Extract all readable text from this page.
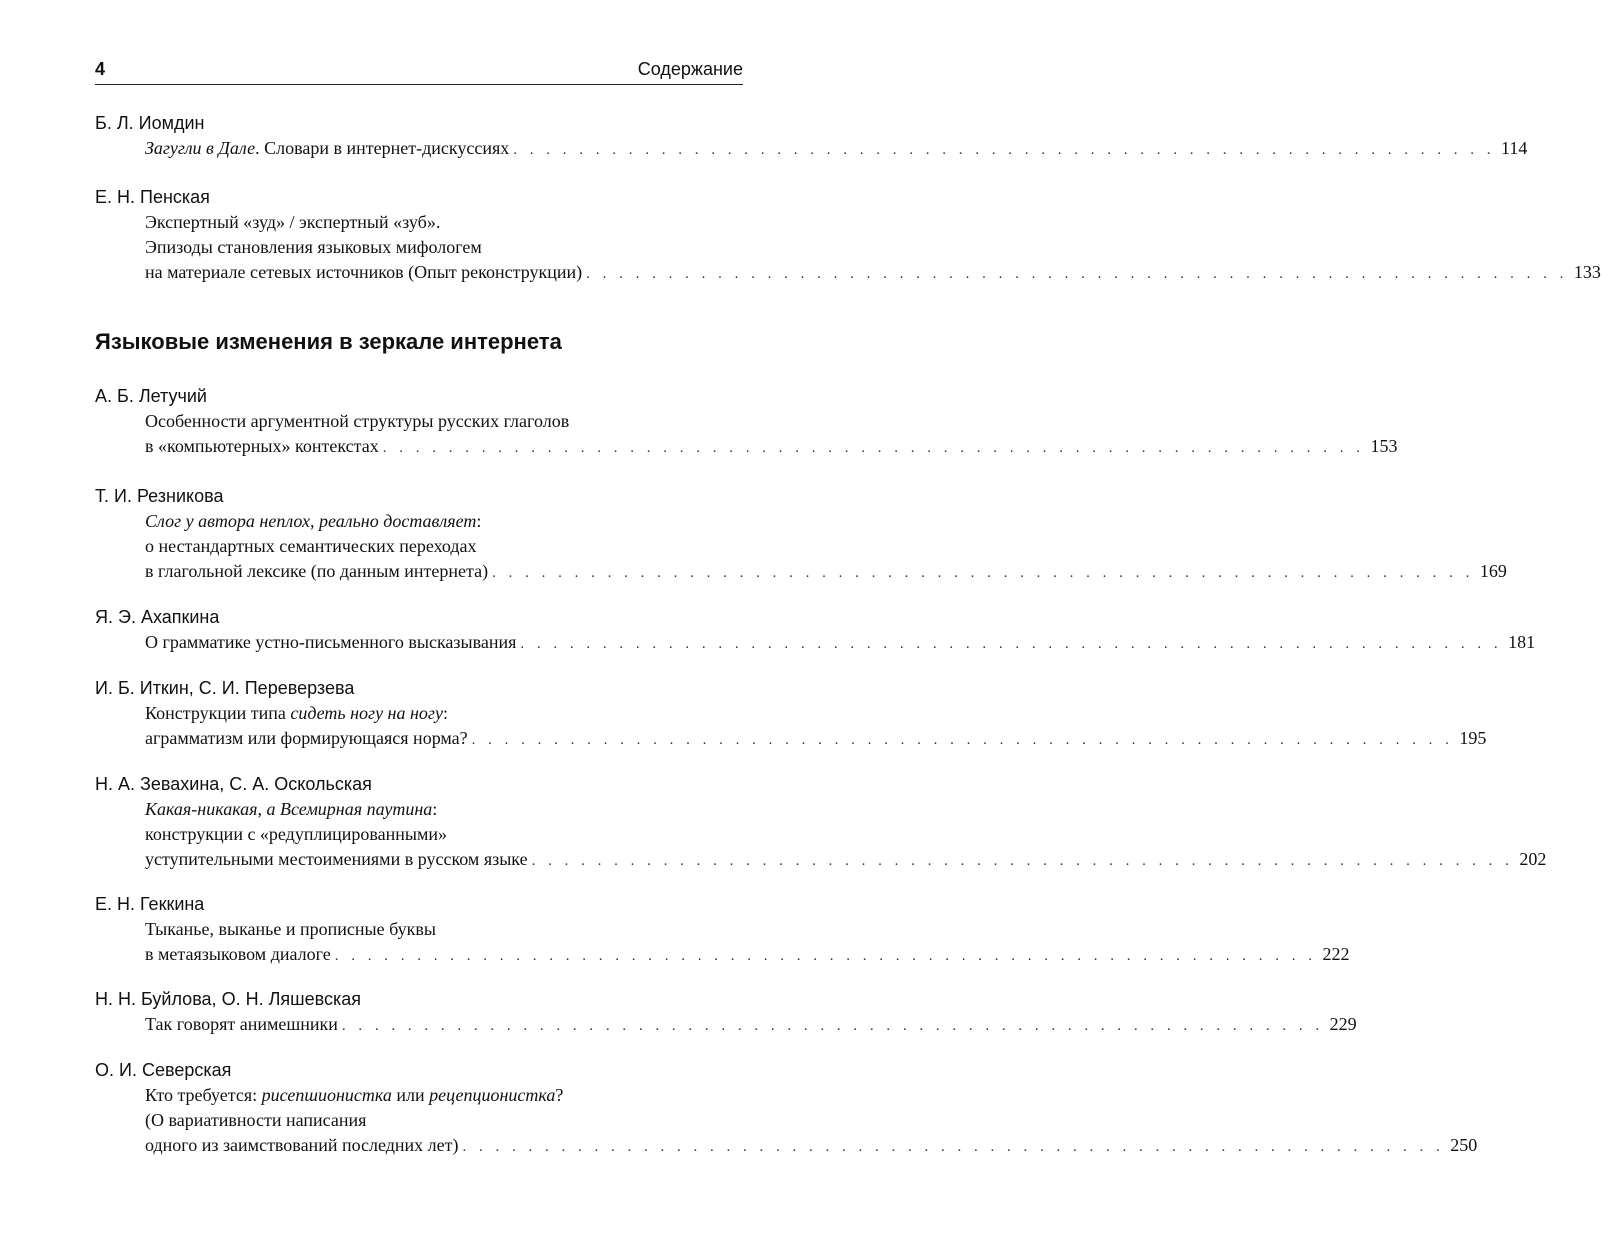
4	Содержание
Б. Л. Иомдин
Загугли в Дале. Словари в интернет-дискуссиях . . . . . . . . . . . . . . . . . . . . . . . . . . . . . . . . . . . . . . . . . . . . . . . . . . . . . . . . . . . . 114
Е. Н. Пенская
Экспертный «зуд» / экспертный «зуб».
Эпизоды становления языковых мифологем
на материале сетевых источников (Опыт реконструкции) . . . . . . . . . . . . . . . . . . . . . . . . . . . . . . . . . . . . . . . . . . . . . . . . . . . . . . . . . . . . 133
Языковые изменения в зеркале интернета
А. Б. Летучий
Особенности аргументной структуры русских глаголов
в «компьютерных» контекстах . . . . . . . . . . . . . . . . . . . . . . . . . . . . . . . . . . . . . . . . . . . . . . . . . . . . . . . . . . . . 153
Т. И. Резникова
Слог у автора неплох, реально доставляет:
о нестандартных семантических переходах
в глагольной лексике (по данным интернета) . . . . . . . . . . . . . . . . . . . . . . . . . . . . . . . . . . . . . . . . . . . . . . . . . . . . . . . . . . . . 169
Я. Э. Ахапкина
О грамматике устно-письменного высказывания . . . . . . . . . . . . . . . . . . . . . . . . . . . . . . . . . . . . . . . . . . . . . . . . . . . . . . . . . . . . 181
И. Б. Иткин, С. И. Переверзева
Конструкции типа сидеть ногу на ногу:
аграмматизм или формирующаяся норма? . . . . . . . . . . . . . . . . . . . . . . . . . . . . . . . . . . . . . . . . . . . . . . . . . . . . . . . . . . . . 195
Н. А. Зевахина, С. А. Оскольская
Какая-никакая, а Всемирная паутина:
конструкции с «редуплицированными»
уступительными местоимениями в русском языке . . . . . . . . . . . . . . . . . . . . . . . . . . . . . . . . . . . . . . . . . . . . . . . . . . . . . . . . . . . . 202
Е. Н. Геккина
Тыканье, выканье и прописные буквы
в метаязыковом диалоге . . . . . . . . . . . . . . . . . . . . . . . . . . . . . . . . . . . . . . . . . . . . . . . . . . . . . . . . . . . . 222
Н. Н. Буйлова, О. Н. Ляшевская
Так говорят анимешники . . . . . . . . . . . . . . . . . . . . . . . . . . . . . . . . . . . . . . . . . . . . . . . . . . . . . . . . . . . . 229
О. И. Северская
Кто требуется: рисепшионистка или рецепционистка?
(О вариативности написания
одного из заимствований последних лет) . . . . . . . . . . . . . . . . . . . . . . . . . . . . . . . . . . . . . . . . . . . . . . . . . . . . . . . . . . . . 250
